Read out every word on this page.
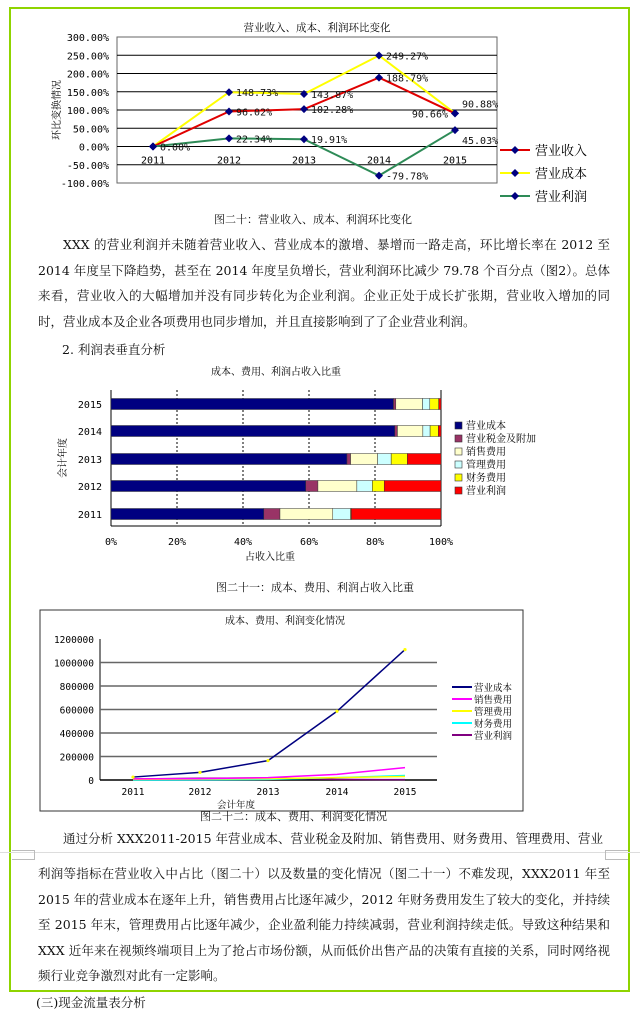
300.00%
250.00%
200.00%
150.00%
100.00%
50.00%
0.00%
-50.00%
-100.00%
2011	2012	2013	2014	2015
营业收入、成本、利润环比变化
环比变换情况
0.00%
96.02%	102.28%
188.79%
90.66%
营业收入
148.73%	143.87%
249.27%
90.88%
营业成本
22.34%	19.91%
-79.78%
45.03%
营业利润
图二十：营业收入、成本、利润环比变化
XXX 的营业利润并未随着营业收入、营业成本的激增、暴增而一路走高，环比增长率在 2012 至 2014 年度呈下降趋势，甚至在 2014 年度呈负增长，营业利润环比减少 79.78 个百分点（图2）。总体来看，营业收入的大幅增加并没有同步转化为企业利润。企业正处于成长扩张期，营业收入增加的同时，营业成本及企业各项费用也同步增加，并且直接影响到了了企业营业利润。
2. 利润表垂直分析
成本、费用、利润占收入比重
0%	20%	40%	60%	80%	100%
占收入比重
会计年度
2015
2014
2013
2012
2011
营业成本
营业税金及附加
销售费用
管理费用
财务费用
营业利润
图二十一：成本、费用、利润占收入比重
成本、费用、利润变化情况
1200000
1000000
800000
600000
400000
200000
0
2011	2012	2013	2014	2015
会计年度
营业成本
销售费用
管理费用
财务费用
营业利润
图二十二：成本、费用、利润变化情况
通过分析 XXX2011-2015 年营业成本、营业税金及附加、销售费用、财务费用、管理费用、营业
利润等指标在营业收入中占比（图二十）以及数量的变化情况（图二十一）不难发现，XXX2011 年至 2015 年的营业成本在逐年上升，销售费用占比逐年减少，2012 年财务费用发生了较大的变化，并持续至 2015 年末，管理费用占比逐年减少，企业盈利能力持续减弱，营业利润持续走低。导致这种结果和 XXX 近年来在视频终端项目上为了抢占市场份额，从而低价出售产品的决策有直接的关系，同时网络视频行业竞争激烈对此有一定影响。
(三)现金流量表分析
